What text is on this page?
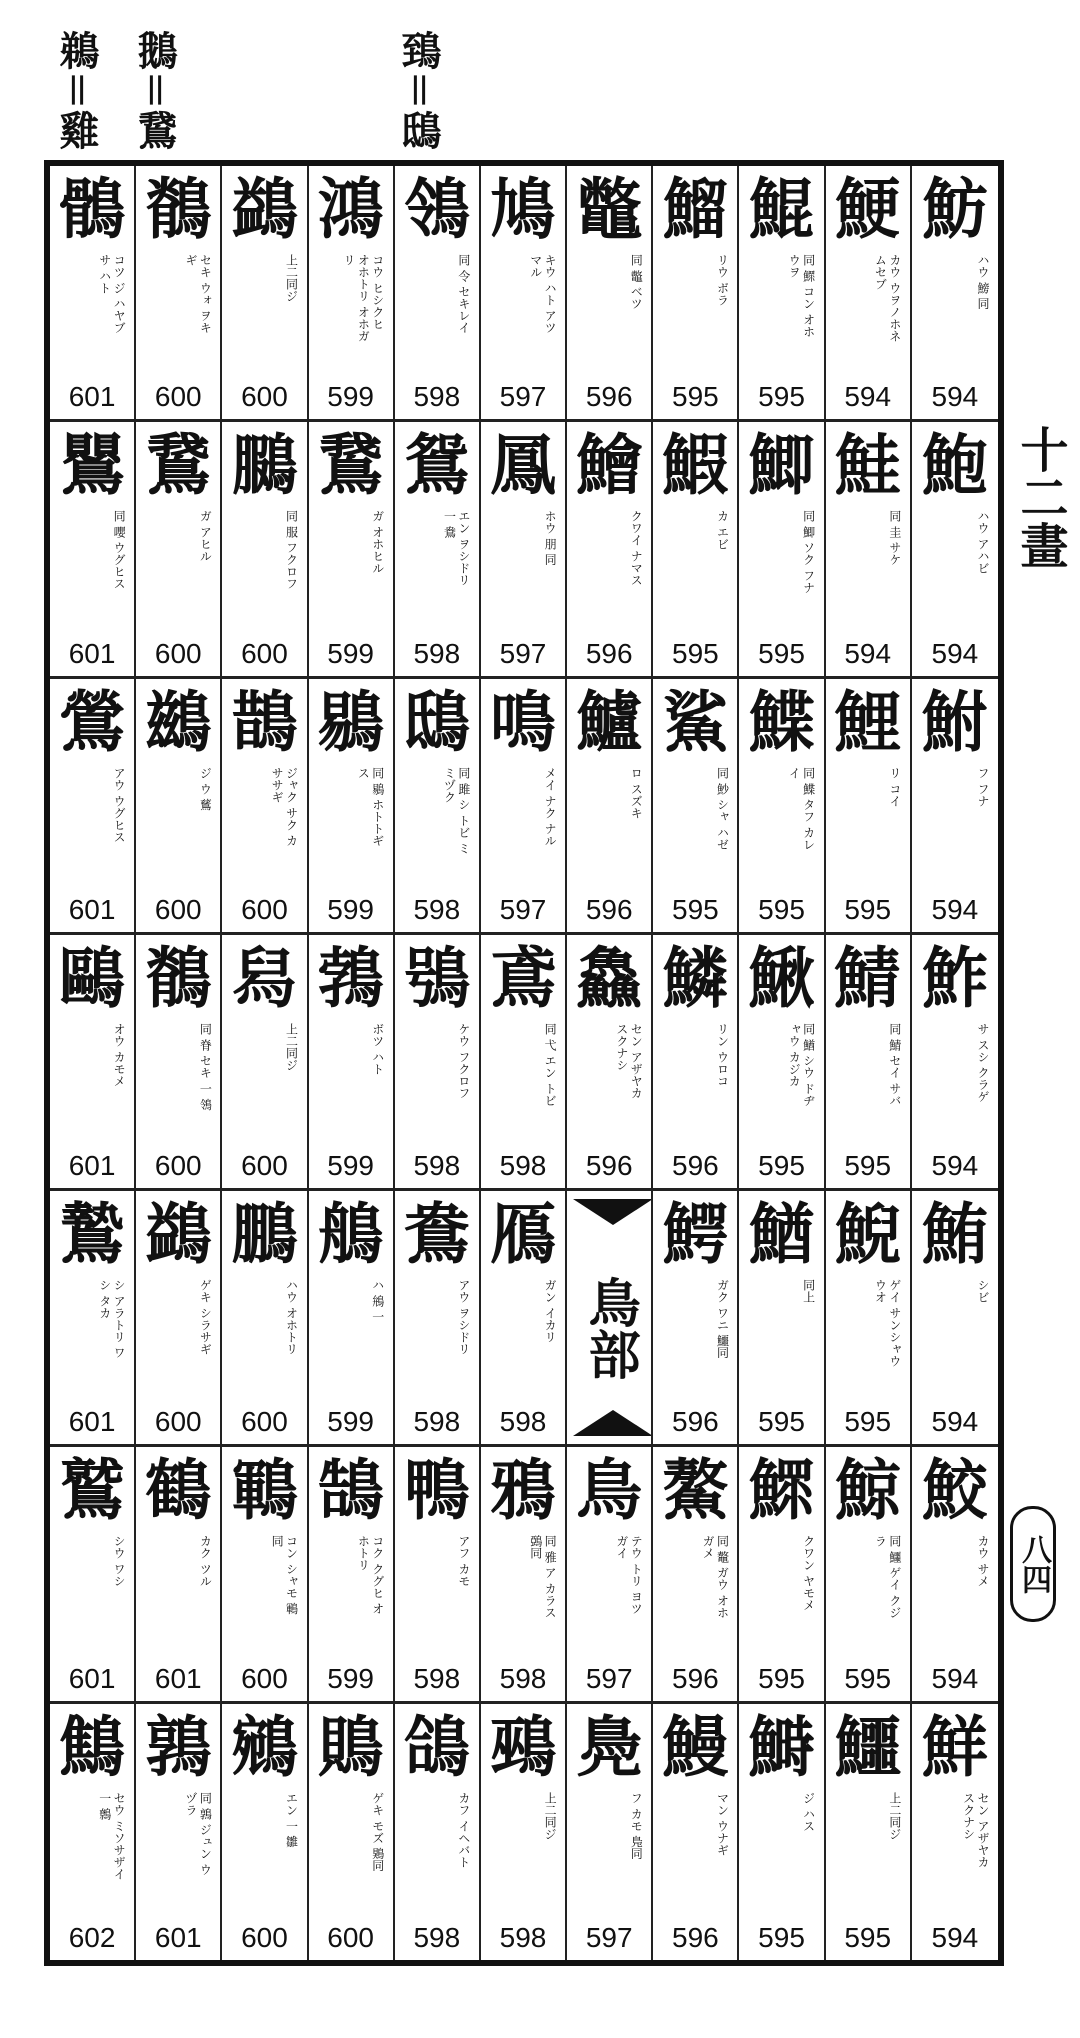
鵜＝雞 鵝＝鵞	鵄＝鴟
鶻
コツ ジ ハヤブサ ハト
601
鶺
セキ ウォ ヲキギ
600
鷁
上二同ジ
600
鴻
コウ ヒシクヒ オホトリ オホガリ
599
鴒
同 令 セキレイ
598
鳩
キウ ハト アツマル
597
鼈
同 鼈 ベツ
596
鰡
リウ ボラ
595
鯤
同 鰥 コン オホウヲ
595
鯁
カウ ウヲノホネ ムセブ
594
魴
ハウ 鰟 同
594
鸎
同 嚶 ウグヒス
601
鵞
ガ アヒル
600
鵩
同 服 フクロフ
600
鵞
ガ オホヒル
599
鴛
エン ヲシドリ 一 鴦
598
鳳
ホウ 朋 同
597
鱠
クワイ ナマス
596
鰕
カ エビ
595
鯽
同 鯽 ソク フナ
595
鮭
同 圭 サケ
594
鮑
ハウ アハビ
594
鶯
アウ ウグヒス
601
鷀
ジ ウ 鶿
600
鵲
ジャク サク カササギ
600
鶍
同 鶍 ホトトギス
599
鴟
同 雎 シ トビ ミミヅク
598
鳴
メイ ナク ナル
597
鱸
ロ スズキ
596
鯊
同 魦 シャ ハゼ
595
鰈
同 鰈 タフ カレイ
595
鯉
リ コイ
595
鮒
フ フナ
594
鷗
オウ カモメ
601
鶺
同 脊 セキ 一 鴒
600
舄
上二同ジ
600
鵓
ボツ ハト
599
鴞
ケウ フクロフ
598
鳶
同 弋 エン トビ
598
鱻
セン アザヤカ スクナシ
596
鱗
リン ウロコ
596
鰍
同 鰌 シウ ドヂャウ カジカ
595
鯖
同 鯖 セイ サバ
595
鮓
サ スシ クラゲ
594
鷙
シ アラトリ ワシ タカ
601
鷁
ゲキ シラサギ
600
鵬
ハウ オホトリ
600
鵃
ハ 鴘 一
599
鴦
アウ ヲシドリ
598
鴈
ガン イカリ
598
鳥部
鰐
ガク ワニ 鱷同
596
鰌
同上
595
鯢
ゲイ サンシャウウオ
595
鮪
シビ
594
鷲
シウ ワシ
601
鶴
カク ツル
601
鶤
コン シャモ 鶤同
600
鵠
コク クグヒ オホトリ
599
鴨
アフ カモ
598
鴉
同 雅 ア カラス 鵶同
598
鳥
テウ トリ ヨツガイ
597
鰲
同 鼇 ガウ オホガメ
596
鰥
クワン ヤモメ
595
鯨
同 鱷 ゲイ クジラ
595
鮫
カウ サメ
594
鷦
セウ ミソサザイ 一 鷯
602
鶉
同 鶉 ジュン ウヅラ
601
鵷
エン 一 雛
600
鵙
ゲキ モズ 鶪同
600
鴿
カフ イヘバト
598
鵐
上二同ジ
598
鳧
フ カモ 鳬同
597
鰻
マン ウナギ
596
鰣
ジ ハス
595
鱷
上二同ジ
595
鮮
セン アザヤカ スクナシ
594
十二畫
八四
